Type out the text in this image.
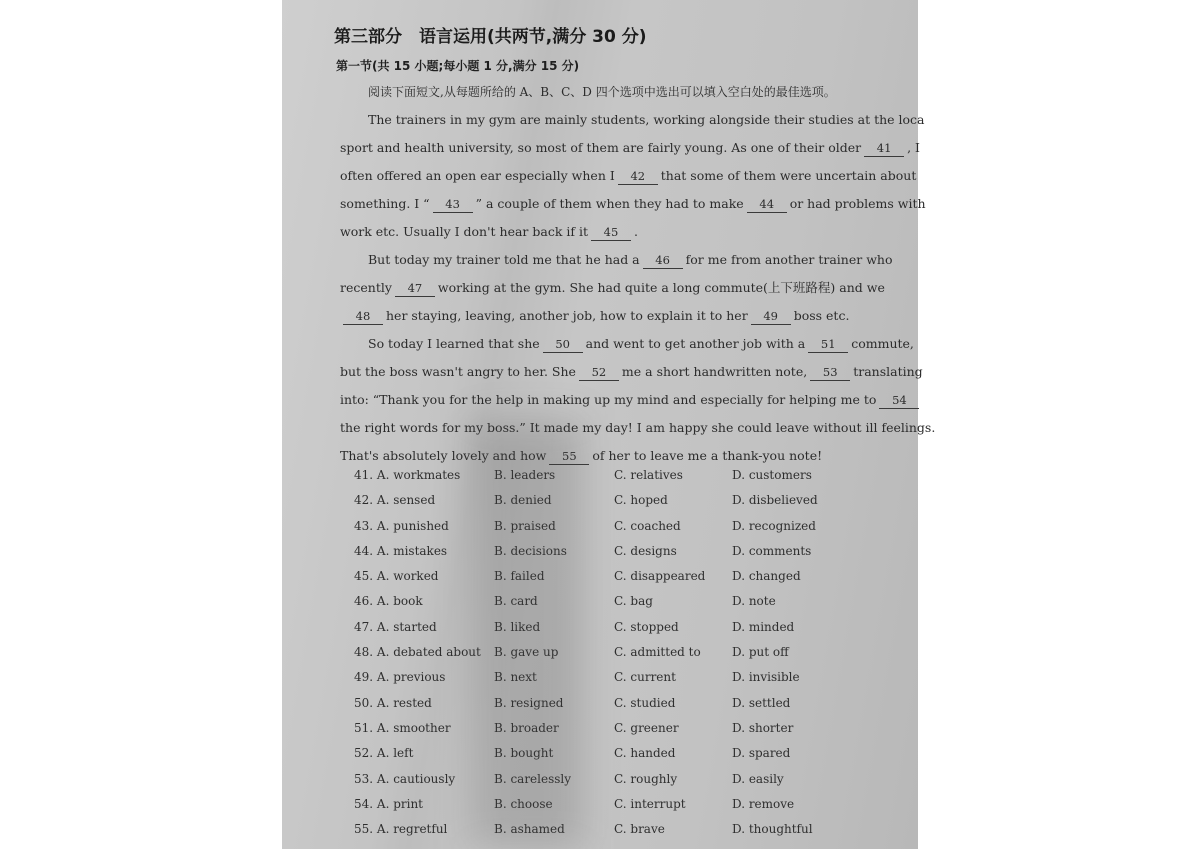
第三部分　语言运用(共两节,满分 30 分)
第一节(共 15 小题;每小题 1 分,满分 15 分)
阅读下面短文,从每题所给的 A、B、C、D 四个选项中选出可以填入空白处的最佳选项。
The trainers in my gym are mainly students, working alongside their studies at the loca
sport and health university, so most of them are fairly young. As one of their older 41 , I
often offered an open ear especially when I 42 that some of them were uncertain about
something. I “ 43 ” a couple of them when they had to make 44 or had problems with
work etc. Usually I don't hear back if it 45 .
But today my trainer told me that he had a 46 for me from another trainer who
recently 47 working at the gym. She had quite a long commute(上下班路程) and we
48 her staying, leaving, another job, how to explain it to her 49 boss etc.
So today I learned that she 50 and went to get another job with a 51 commute,
but the boss wasn't angry to her. She 52 me a short handwritten note, 53 translating
into: “Thank you for the help in making up my mind and especially for helping me to 54
the right words for my boss.” It made my day! I am happy she could leave without ill feelings.
That's absolutely lovely and how 55 of her to leave me a thank-you note!
41. A. workmates	B. leaders	C. relatives	D. customers
42. A. sensed	B. denied	C. hoped	D. disbelieved
43. A. punished	B. praised	C. coached	D. recognized
44. A. mistakes	B. decisions	C. designs	D. comments
45. A. worked	B. failed	C. disappeared D. changed
46. A. book	B. card	C. bag	D. note
47. A. started	B. liked	C. stopped	D. minded
48. A. debated about B. gave up	C. admitted to	D. put off
49. A. previous	B. next	C. current	D. invisible
50. A. rested	B. resigned	C. studied	D. settled
51. A. smoother	B. broader	C. greener	D. shorter
52. A. left	B. bought	C. handed	D. spared
53. A. cautiously	B. carelessly	C. roughly	D. easily
54. A. print	B. choose	C. interrupt	D. remove
55. A. regretful	B. ashamed	C. brave	D. thoughtful
